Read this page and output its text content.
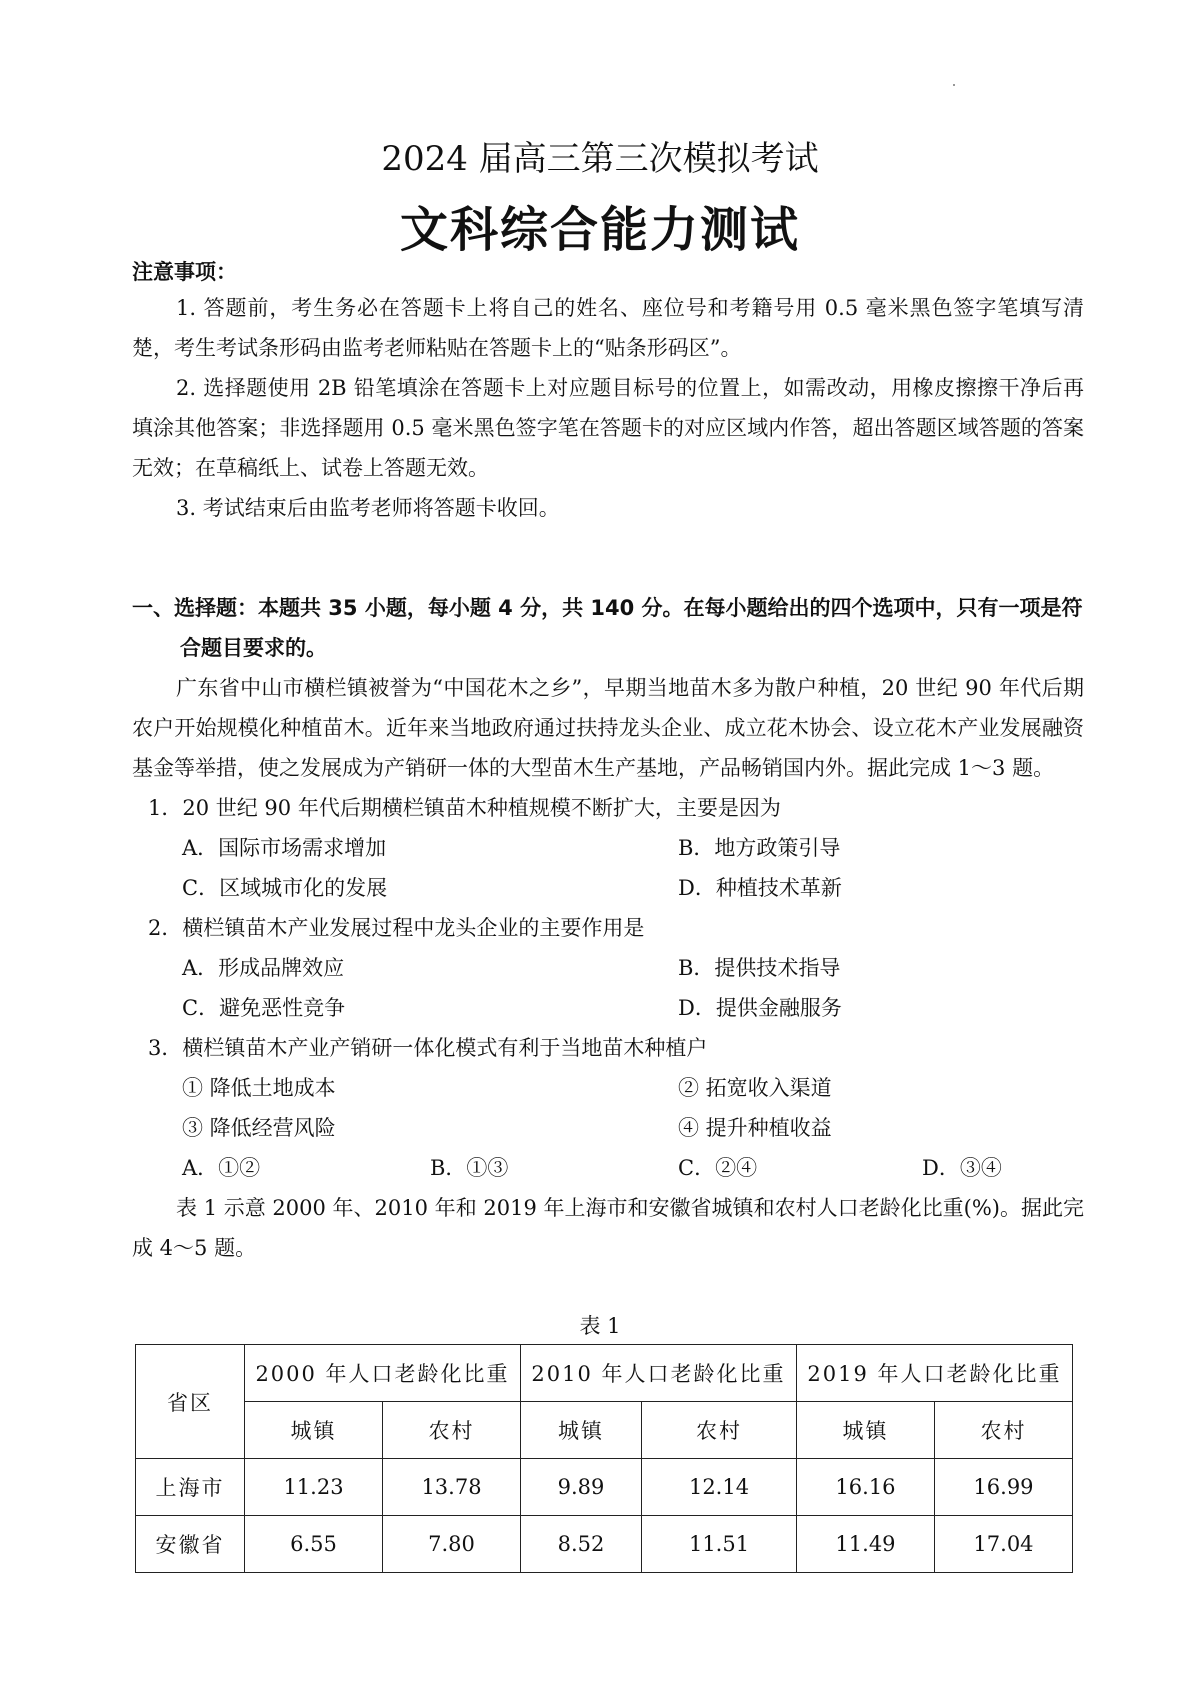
2024 届高三第三次模拟考试
文科综合能力测试
注意事项：
1. 答题前，考生务必在答题卡上将自己的姓名、座位号和考籍号用 0.5 毫米黑色签字笔填写清楚，考生考试条形码由监考老师粘贴在答题卡上的“贴条形码区”。
2. 选择题使用 2B 铅笔填涂在答题卡上对应题目标号的位置上，如需改动，用橡皮擦擦干净后再填涂其他答案；非选择题用 0.5 毫米黑色签字笔在答题卡的对应区域内作答，超出答题区域答题的答案无效；在草稿纸上、试卷上答题无效。
3. 考试结束后由监考老师将答题卡收回。
一、选择题：本题共 35 小题，每小题 4 分，共 140 分。在每小题给出的四个选项中，只有一项是符合题目要求的。
广东省中山市横栏镇被誉为“中国花木之乡”，早期当地苗木多为散户种植，20 世纪 90 年代后期农户开始规模化种植苗木。近年来当地政府通过扶持龙头企业、成立花木协会、设立花木产业发展融资基金等举措，使之发展成为产销研一体的大型苗木生产基地，产品畅销国内外。据此完成 1～3 题。
1．20 世纪 90 年代后期横栏镇苗木种植规模不断扩大，主要是因为
A．国际市场需求增加	B．地方政策引导
C．区域城市化的发展	D．种植技术革新
2．横栏镇苗木产业发展过程中龙头企业的主要作用是
A．形成品牌效应	B．提供技术指导
C．避免恶性竞争	D．提供金融服务
3．横栏镇苗木产业产销研一体化模式有利于当地苗木种植户
① 降低土地成本	② 拓宽收入渠道
③ 降低经营风险	④ 提升种植收益
A．①②	B．①③	C．②④	D．③④
表 1 示意 2000 年、2010 年和 2019 年上海市和安徽省城镇和农村人口老龄化比重(%)。据此完成 4～5 题。
表 1
省区	2000 年人口老龄化比重		2010 年人口老龄化比重		2019 年人口老龄化比重	
	城镇	农村	城镇	农村	城镇	农村
上海市	11.23	13.78	9.89	12.14	16.16	16.99
安徽省	6.55	7.80	8.52	11.51	11.49	17.04
